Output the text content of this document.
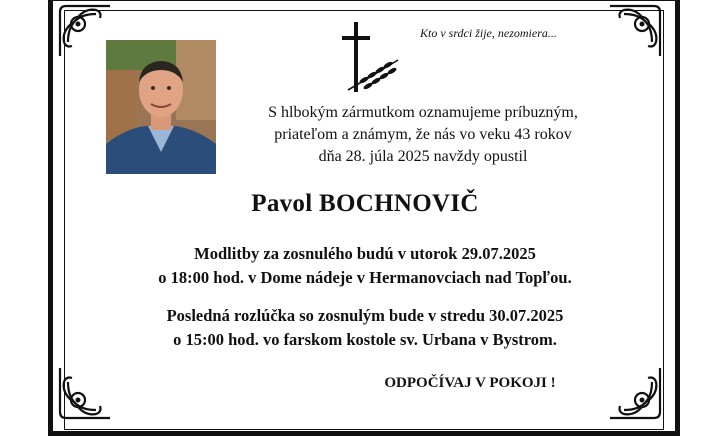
Kto v srdci žije, nezomiera...
S hlbokým zármutkom oznamujeme príbuzným,
priateľom a známym, že nás vo veku 43 rokov
dňa 28. júla 2025 navždy opustil
Pavol BOCHNOVIČ
Modlitby za zosnulého budú v utorok 29.07.2025
o 18:00 hod. v Dome nádeje v Hermanovciach nad Topľou.
Posledná rozlúčka so zosnulým bude v stredu 30.07.2025
o 15:00 hod. vo farskom kostole sv. Urbana v Bystrom.
ODPOČÍVAJ V POKOJI !
